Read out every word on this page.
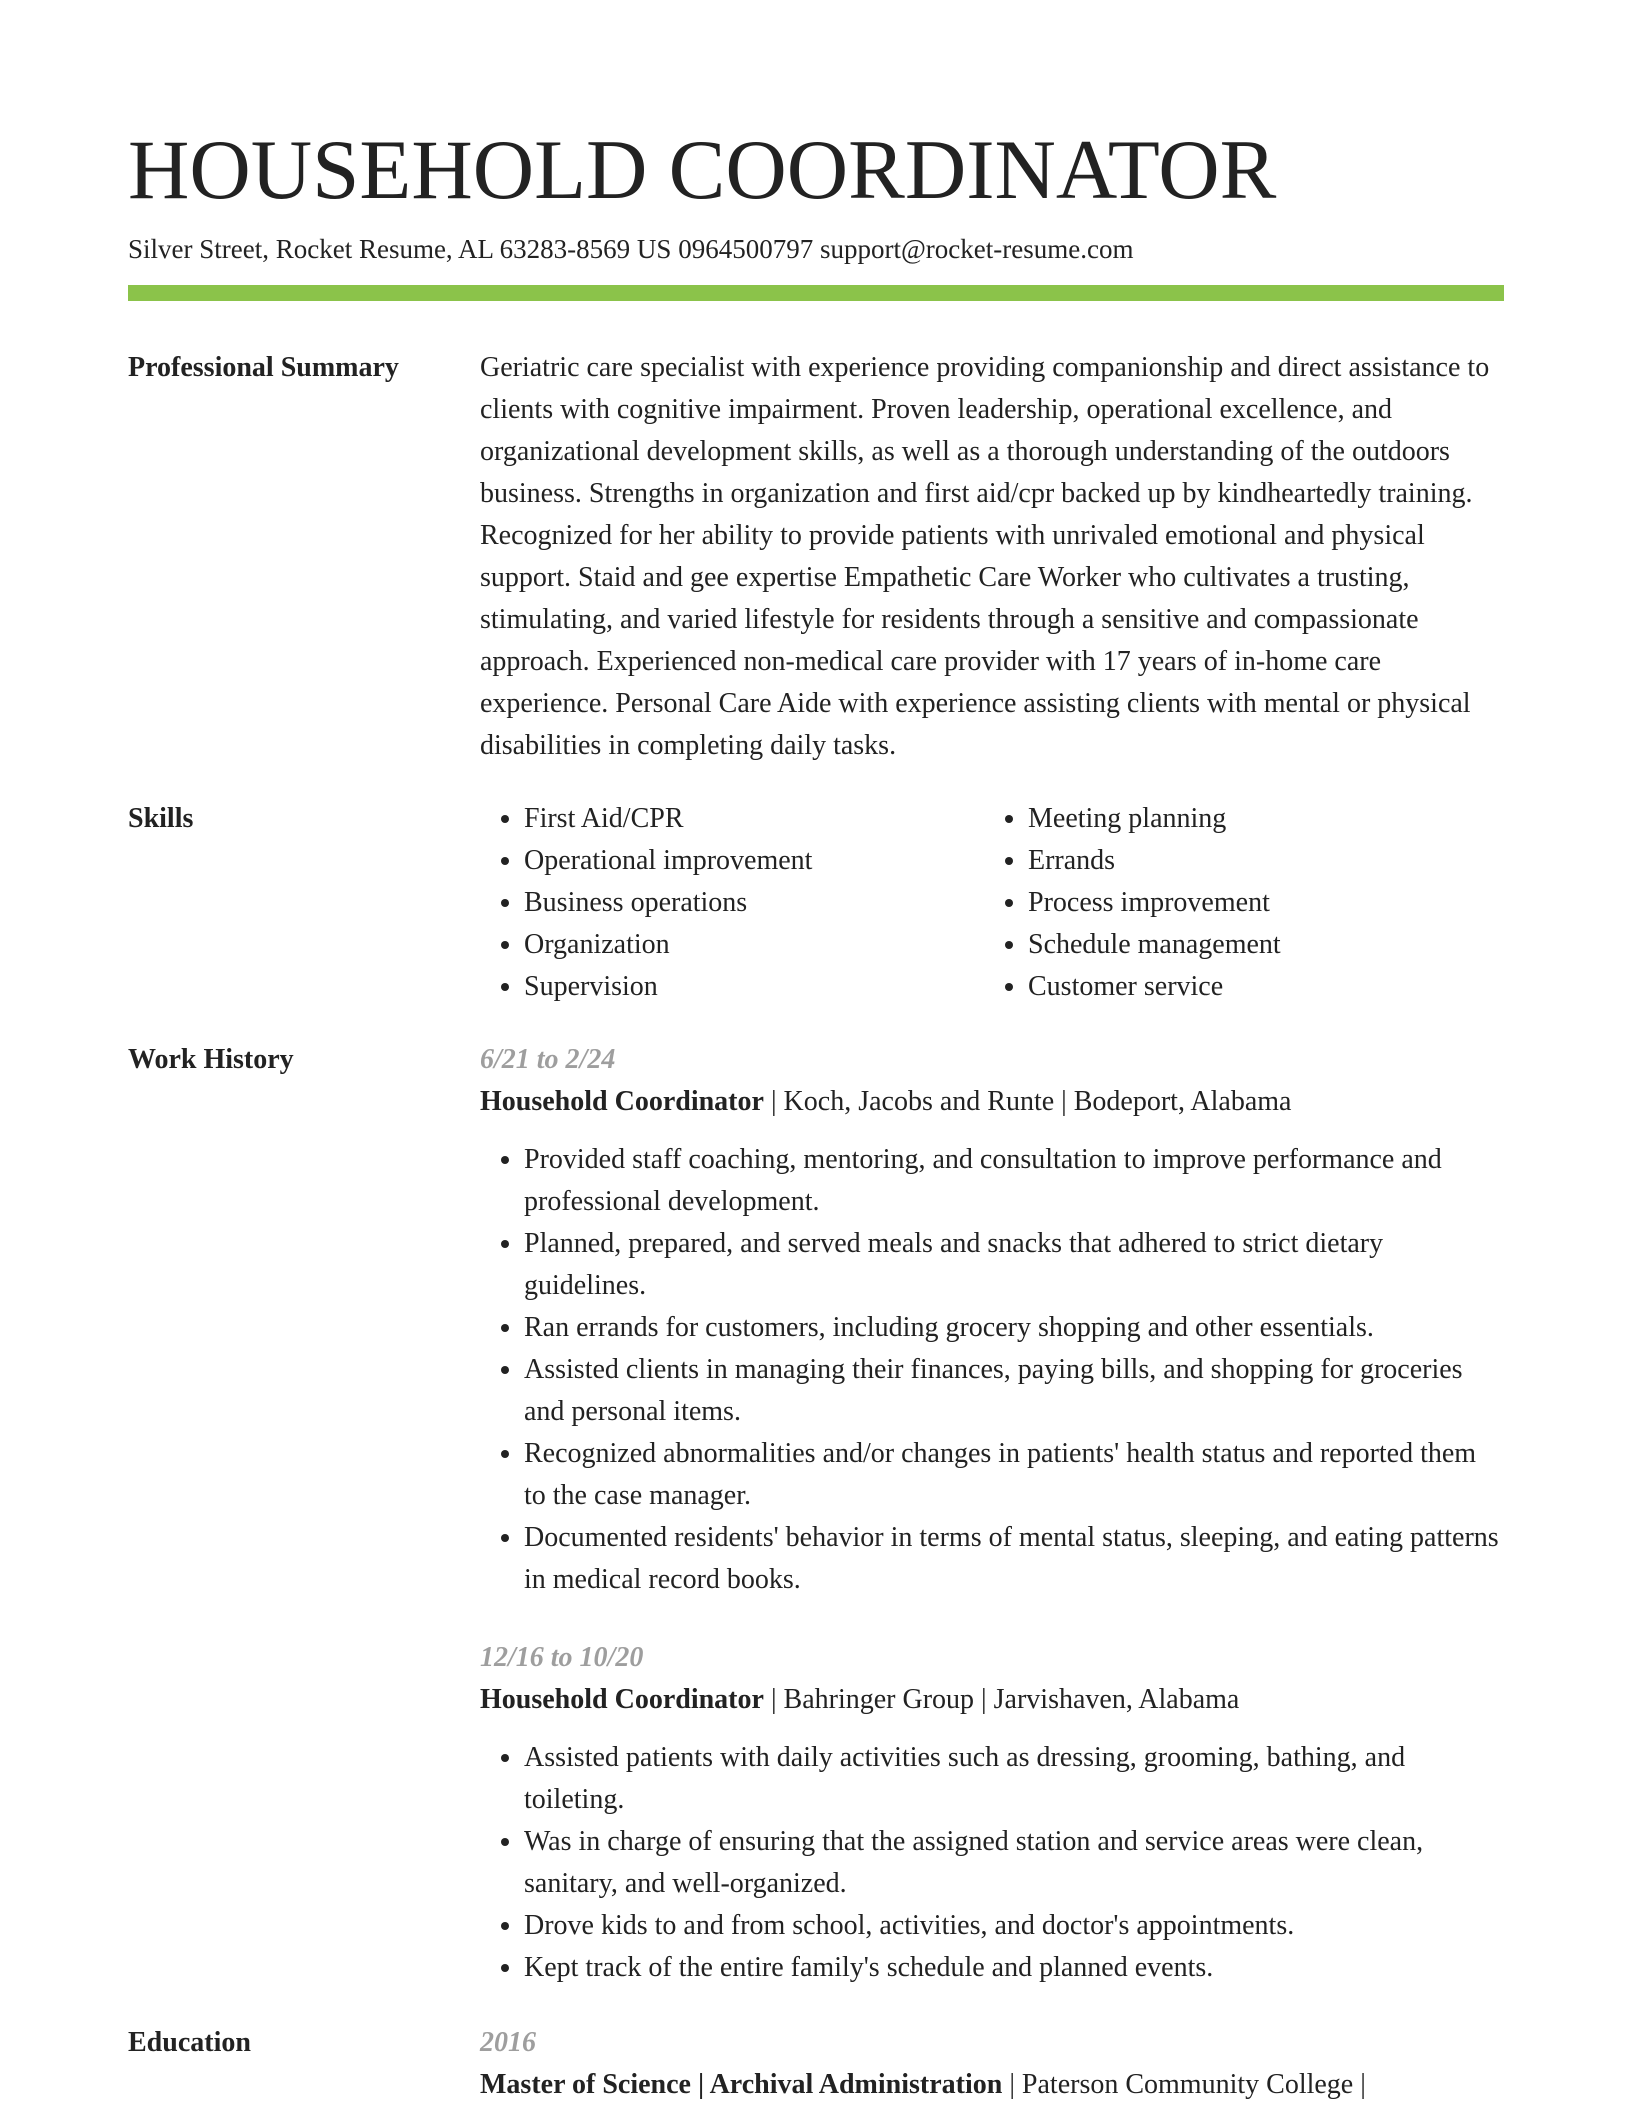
HOUSEHOLD COORDINATOR
Silver Street, Rocket Resume, AL 63283-8569 US 0964500797 support@rocket-resume.com
Professional Summary	Geriatric care specialist with experience providing companionship and direct assistance to clients with cognitive impairment. Proven leadership, operational excellence, and organizational development skills, as well as a thorough understanding of the outdoors business. Strengths in organization and first aid/cpr backed up by kindheartedly training. Recognized for her ability to provide patients with unrivaled emotional and physical support. Staid and gee expertise Empathetic Care Worker who cultivates a trusting, stimulating, and varied lifestyle for residents through a sensitive and compassionate approach. Experienced non-medical care provider with 17 years of in-home care experience. Personal Care Aide with experience assisting clients with mental or physical disabilities in completing daily tasks.

Skills
•	First Aid/CPR
• Operational improvement
• Business operations
• Organization
• Supervision
• Meeting planning
• Errands
• Process improvement
• Schedule management
• Customer service
Work History	6/21 to 2/24
Household Coordinator | Koch, Jacobs and Runte | Bodeport, Alabama
• Provided staff coaching, mentoring, and consultation to improve performance and professional development.
• Planned, prepared, and served meals and snacks that adhered to strict dietary guidelines.
• Ran errands for customers, including grocery shopping and other essentials.
• Assisted clients in managing their finances, paying bills, and shopping for groceries and personal items.
• Recognized abnormalities and/or changes in patients' health status and reported them to the case manager.
• Documented residents' behavior in terms of mental status, sleeping, and eating patterns in medical record books.
12/16 to 10/20
Household Coordinator | Bahringer Group | Jarvishaven, Alabama
• Assisted patients with daily activities such as dressing, grooming, bathing, and toileting.
• Was in charge of ensuring that the assigned station and service areas were clean, sanitary, and well-organized.
• Drove kids to and from school, activities, and doctor's appointments.
• Kept track of the entire family's schedule and planned events.
Education	2016
Master of Science | Archival Administration | Paterson Community College |
